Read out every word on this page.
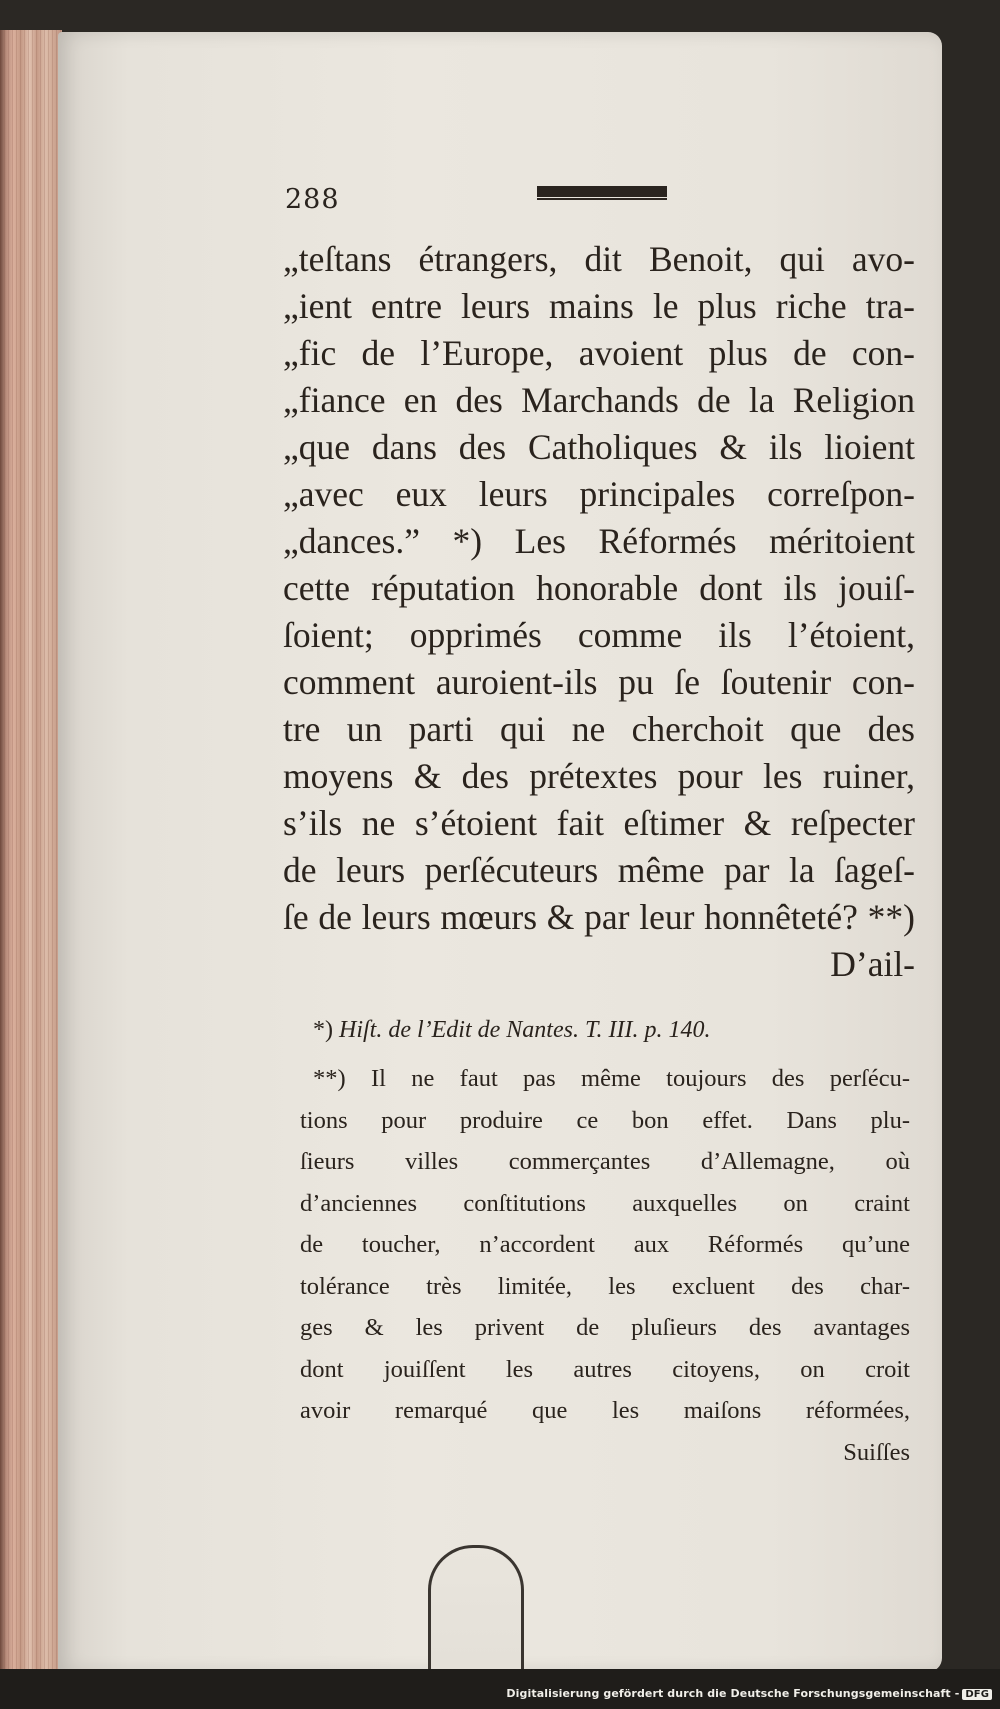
288
„teſtans étrangers, dit Benoit, qui avo-
„ient entre leurs mains le plus riche tra-
„fic de l’Europe, avoient plus de con-
„fiance en des Marchands de la Religion
„que dans des Catholiques & ils lioient
„avec eux leurs principales correſpon-
„dances.” *) Les Réformés méritoient
cette réputation honorable dont ils jouiſ-
ſoient; opprimés comme ils l’étoient,
comment auroient-ils pu ſe ſoutenir con-
tre un parti qui ne cherchoit que des
moyens & des prétextes pour les ruiner,
s’ils ne s’étoient fait eſtimer & reſpecter
de leurs perſécuteurs même par la ſageſ-
ſe de leurs mœurs & par leur honnêteté? **)
D’ail-
*) Hiſt. de l’Edit de Nantes. T. III. p. 140.
**) Il ne faut pas même toujours des perſécu-
tions pour produire ce bon effet. Dans plu-
ſieurs villes commerçantes d’Allemagne, où
d’anciennes conſtitutions auxquelles on craint
de toucher, n’accordent aux Réformés qu’une
tolérance très limitée, les excluent des char-
ges & les privent de pluſieurs des avantages
dont jouiſſent les autres citoyens, on croit
avoir remarqué que les maiſons réformées,
Suiſſes
Digitalisierung gefördert durch die Deutsche Forschungsgemeinschaft - DFG
